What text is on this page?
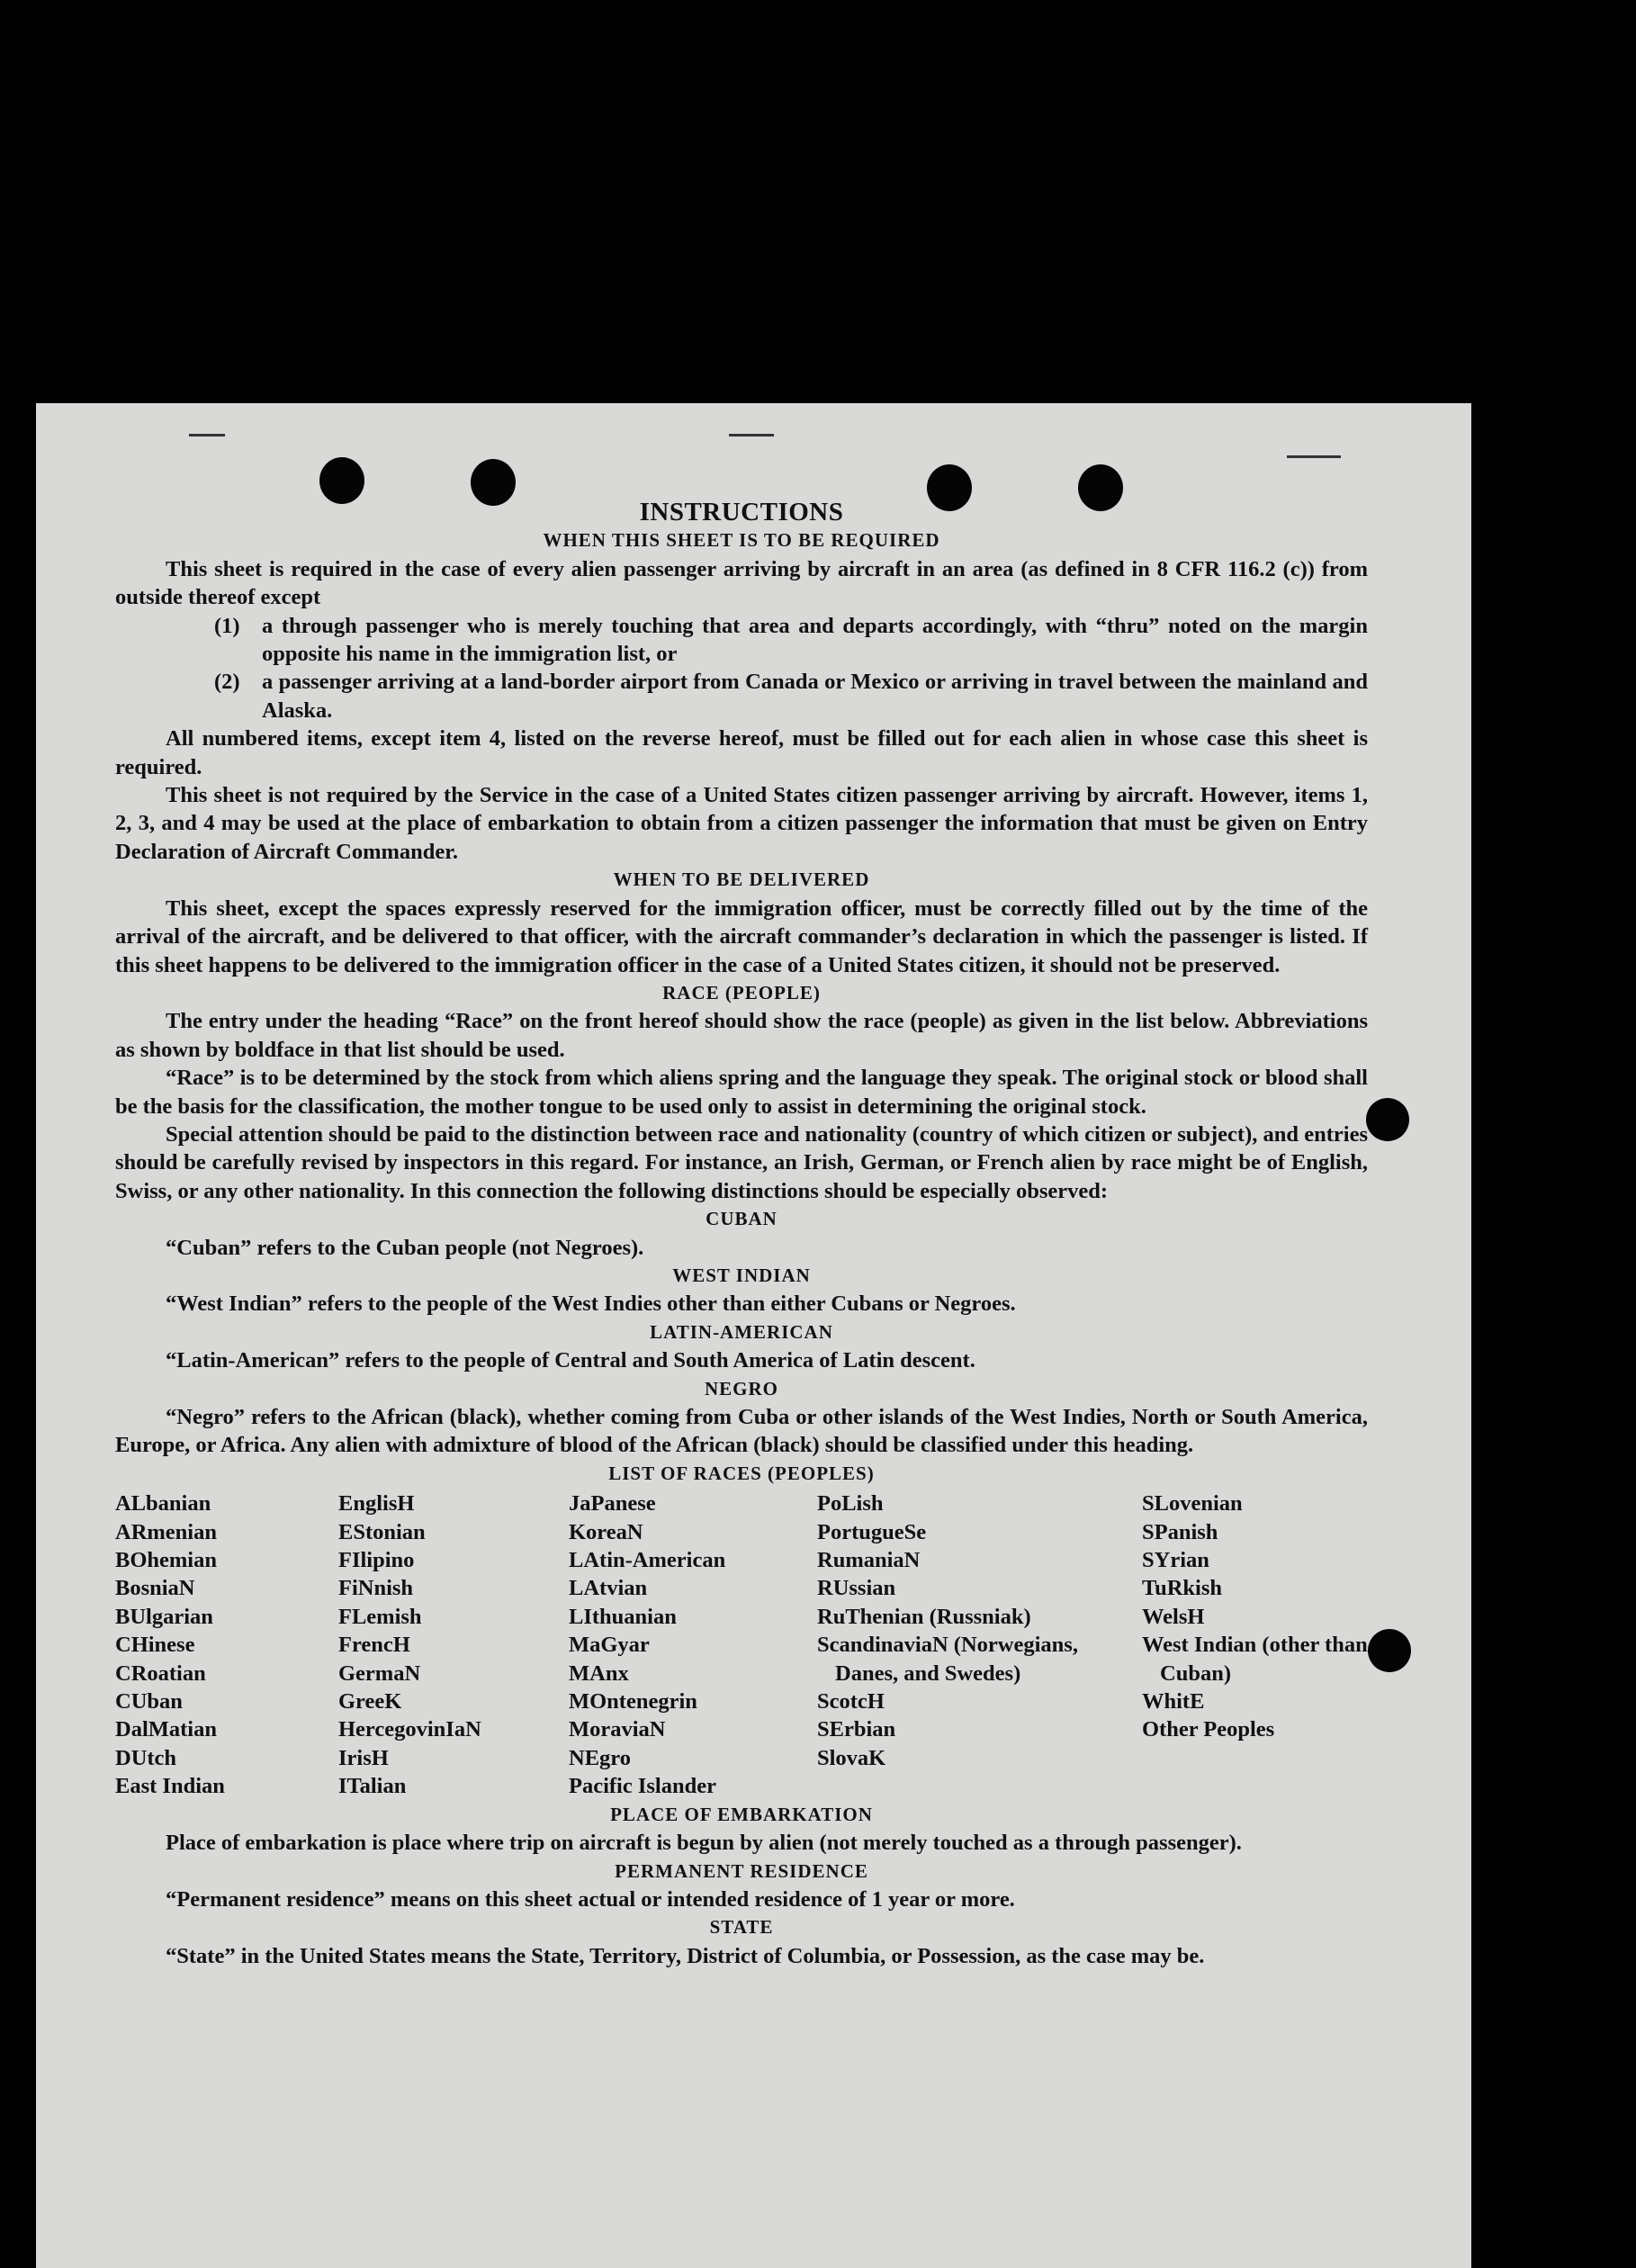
INSTRUCTIONS
WHEN THIS SHEET IS TO BE REQUIRED

This sheet is required in the case of every alien passenger arriving by aircraft in an area (as defined in 8 CFR 116.2 (c)) from outside thereof except

(1) a through passenger who is merely touching that area and departs accordingly, with “thru” noted on the margin opposite his name in the immigration list, or
(2) a passenger arriving at a land-border airport from Canada or Mexico or arriving in travel between the mainland and Alaska.

All numbered items, except item 4, listed on the reverse hereof, must be filled out for each alien in whose case this sheet is required.

This sheet is not required by the Service in the case of a United States citizen passenger arriving by aircraft. However, items 1, 2, 3, and 4 may be used at the place of embarkation to obtain from a citizen passenger the information that must be given on Entry Declaration of Aircraft Commander.

WHEN TO BE DELIVERED

This sheet, except the spaces expressly reserved for the immigration officer, must be correctly filled out by the time of the arrival of the aircraft, and be delivered to that officer, with the aircraft commander’s declaration in which the passenger is listed. If this sheet happens to be delivered to the immigration officer in the case of a United States citizen, it should not be preserved.

RACE (PEOPLE)

The entry under the heading “Race” on the front hereof should show the race (people) as given in the list below. Abbreviations as shown by boldface in that list should be used.

“Race” is to be determined by the stock from which aliens spring and the language they speak. The original stock or blood shall be the basis for the classification, the mother tongue to be used only to assist in determining the original stock.

Special attention should be paid to the distinction between race and nationality (country of which citizen or subject), and entries should be carefully revised by inspectors in this regard. For instance, an Irish, German, or French alien by race might be of English, Swiss, or any other nationality. In this connection the following distinctions should be especially observed:

CUBAN

“Cuban” refers to the Cuban people (not Negroes).

WEST INDIAN

“West Indian” refers to the people of the West Indies other than either Cubans or Negroes.

LATIN-AMERICAN

“Latin-American” refers to the people of Central and South America of Latin descent.

NEGRO

“Negro” refers to the African (black), whether coming from Cuba or other islands of the West Indies, North or South America, Europe, or Africa. Any alien with admixture of blood of the African (black) should be classified under this heading.

LIST OF RACES (PEOPLES)
ALbanian
ARmenian
BOhemian
BosniaN
BUlgarian
CHinese
CRoatian
CUban
DalMatian
DUtch
East Indian
EnglisH
EStonian
FIlipino
FiNnish
FLemish
FrencH
GermaN
GreeK
HercegovinIaN
IrisH
ITalian
JaPanese
KoreaN
LAtin-American
LAtvian
LIthuanian
MaGyar
MAnx
MOntenegrin
MoraviaN
NEgro
Pacific Islander
PoLish
PortugueSe
RumaniaN
RUssian
RuThenian (Russniak)
ScandinaviaN (Norwegians, Danes, and Swedes)
ScotcH
SErbian
SlovaK
SLovenian
SPanish
SYrian
TuRkish
WelsH
West Indian (other than Cuban)
WhitE
Other Peoples
PLACE OF EMBARKATION

Place of embarkation is place where trip on aircraft is begun by alien (not merely touched as a through passenger).

PERMANENT RESIDENCE

“Permanent residence” means on this sheet actual or intended residence of 1 year or more.

STATE

“State” in the United States means the State, Territory, District of Columbia, or Possession, as the case may be.
